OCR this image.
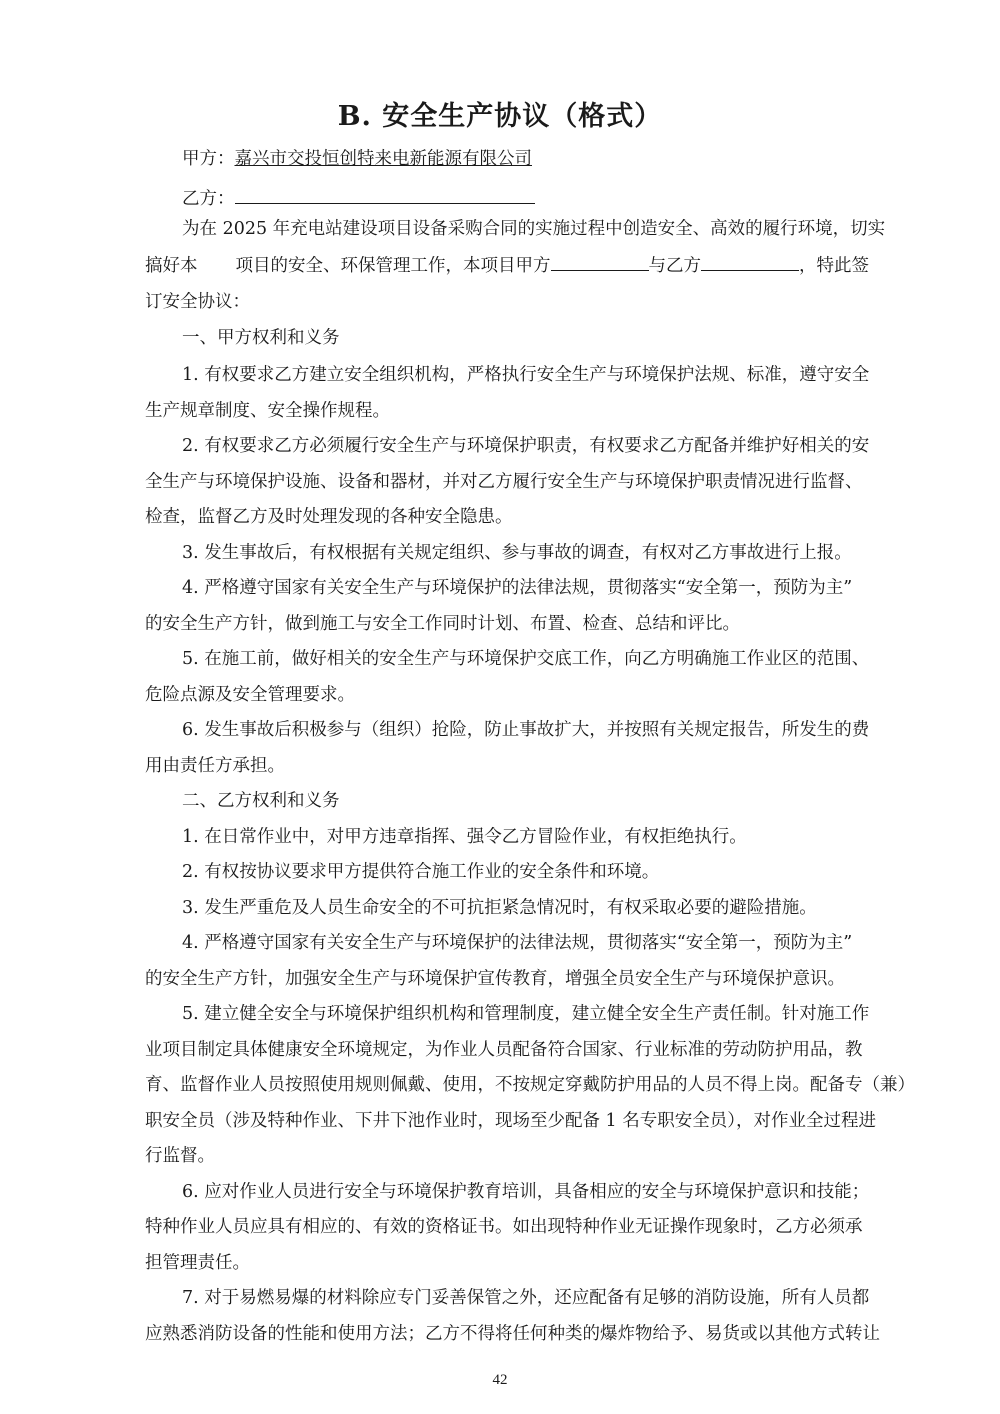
B. 安全生产协议（格式）
甲方：嘉兴市交投恒创特来电新能源有限公司
乙方：
为在 2025 年充电站建设项目设备采购合同的实施过程中创造安全、高效的履行环境，切实
搞好本 项目的安全、环保管理工作，本项目甲方	与乙方	，特此签
订安全协议：
一、甲方权利和义务
1. 有权要求乙方建立安全组织机构，严格执行安全生产与环境保护法规、标准，遵守安全
生产规章制度、安全操作规程。
2. 有权要求乙方必须履行安全生产与环境保护职责，有权要求乙方配备并维护好相关的安
全生产与环境保护设施、设备和器材，并对乙方履行安全生产与环境保护职责情况进行监督、
检查，监督乙方及时处理发现的各种安全隐患。
3. 发生事故后，有权根据有关规定组织、参与事故的调查，有权对乙方事故进行上报。
4. 严格遵守国家有关安全生产与环境保护的法律法规，贯彻落实“安全第一，预防为主”
的安全生产方针，做到施工与安全工作同时计划、布置、检查、总结和评比。
5. 在施工前，做好相关的安全生产与环境保护交底工作，向乙方明确施工作业区的范围、
危险点源及安全管理要求。
6. 发生事故后积极参与（组织）抢险，防止事故扩大，并按照有关规定报告，所发生的费
用由责任方承担。
二、乙方权利和义务
1. 在日常作业中，对甲方违章指挥、强令乙方冒险作业，有权拒绝执行。
2. 有权按协议要求甲方提供符合施工作业的安全条件和环境。
3. 发生严重危及人员生命安全的不可抗拒紧急情况时，有权采取必要的避险措施。
4. 严格遵守国家有关安全生产与环境保护的法律法规，贯彻落实“安全第一，预防为主”
的安全生产方针，加强安全生产与环境保护宣传教育，增强全员安全生产与环境保护意识。
5. 建立健全安全与环境保护组织机构和管理制度，建立健全安全生产责任制。针对施工作
业项目制定具体健康安全环境规定，为作业人员配备符合国家、行业标准的劳动防护用品，教
育、监督作业人员按照使用规则佩戴、使用，不按规定穿戴防护用品的人员不得上岗。配备专（兼）
职安全员（涉及特种作业、下井下池作业时，现场至少配备 1 名专职安全员），对作业全过程进
行监督。
6. 应对作业人员进行安全与环境保护教育培训，具备相应的安全与环境保护意识和技能；
特种作业人员应具有相应的、有效的资格证书。如出现特种作业无证操作现象时，乙方必须承
担管理责任。
7. 对于易燃易爆的材料除应专门妥善保管之外，还应配备有足够的消防设施，所有人员都
应熟悉消防设备的性能和使用方法；乙方不得将任何种类的爆炸物给予、易货或以其他方式转让
42
